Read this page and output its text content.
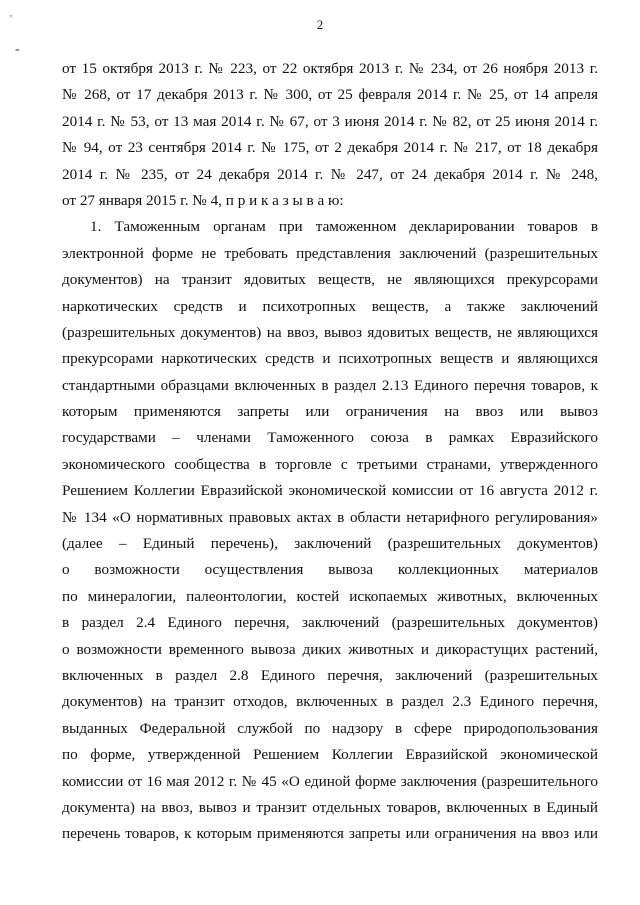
'
-
2
от 15 октября 2013 г. № 223, от 22 октября 2013 г. № 234, от 26 ноября 2013 г.
№ 268, от 17 декабря 2013 г. № 300, от 25 февраля 2014 г. № 25, от 14 апреля
2014 г. № 53, от 13 мая 2014 г. № 67, от 3 июня 2014 г. № 82, от 25 июня 2014 г.
№ 94, от 23 сентября 2014 г. № 175, от 2 декабря 2014 г. № 217, от 18 декабря
2014 г. № 235, от 24 декабря 2014 г. № 247, от 24 декабря 2014 г. № 248,
от 27 января 2015 г. № 4, п р и к а з ы в а ю:
1. Таможенным органам при таможенном декларировании товаров в
электронной форме не требовать представления заключений (разрешительных
документов) на транзит ядовитых веществ, не являющихся прекурсорами
наркотических средств и психотропных веществ, а также заключений
(разрешительных документов) на ввоз, вывоз ядовитых веществ, не являющихся
прекурсорами наркотических средств и психотропных веществ и являющихся
стандартными образцами включенных в раздел 2.13 Единого перечня товаров, к
которым применяются запреты или ограничения на ввоз или вывоз
государствами – членами Таможенного союза в рамках Евразийского
экономического сообщества в торговле с третьими странами, утвержденного
Решением Коллегии Евразийской экономической комиссии от 16 августа 2012 г.
№ 134 «О нормативных правовых актах в области нетарифного регулирования»
(далее – Единый перечень), заключений (разрешительных документов)
о возможности осуществления вывоза коллекционных материалов
по минералогии, палеонтологии, костей ископаемых животных, включенных
в раздел 2.4 Единого перечня, заключений (разрешительных документов)
о возможности временного вывоза диких животных и дикорастущих растений,
включенных в раздел 2.8 Единого перечня, заключений (разрешительных
документов) на транзит отходов, включенных в раздел 2.3 Единого перечня,
выданных Федеральной службой по надзору в сфере природопользования
по форме, утвержденной Решением Коллегии Евразийской экономической
комиссии от 16 мая 2012 г. № 45 «О единой форме заключения (разрешительного
документа) на ввоз, вывоз и транзит отдельных товаров, включенных в Единый
перечень товаров, к которым применяются запреты или ограничения на ввоз или
